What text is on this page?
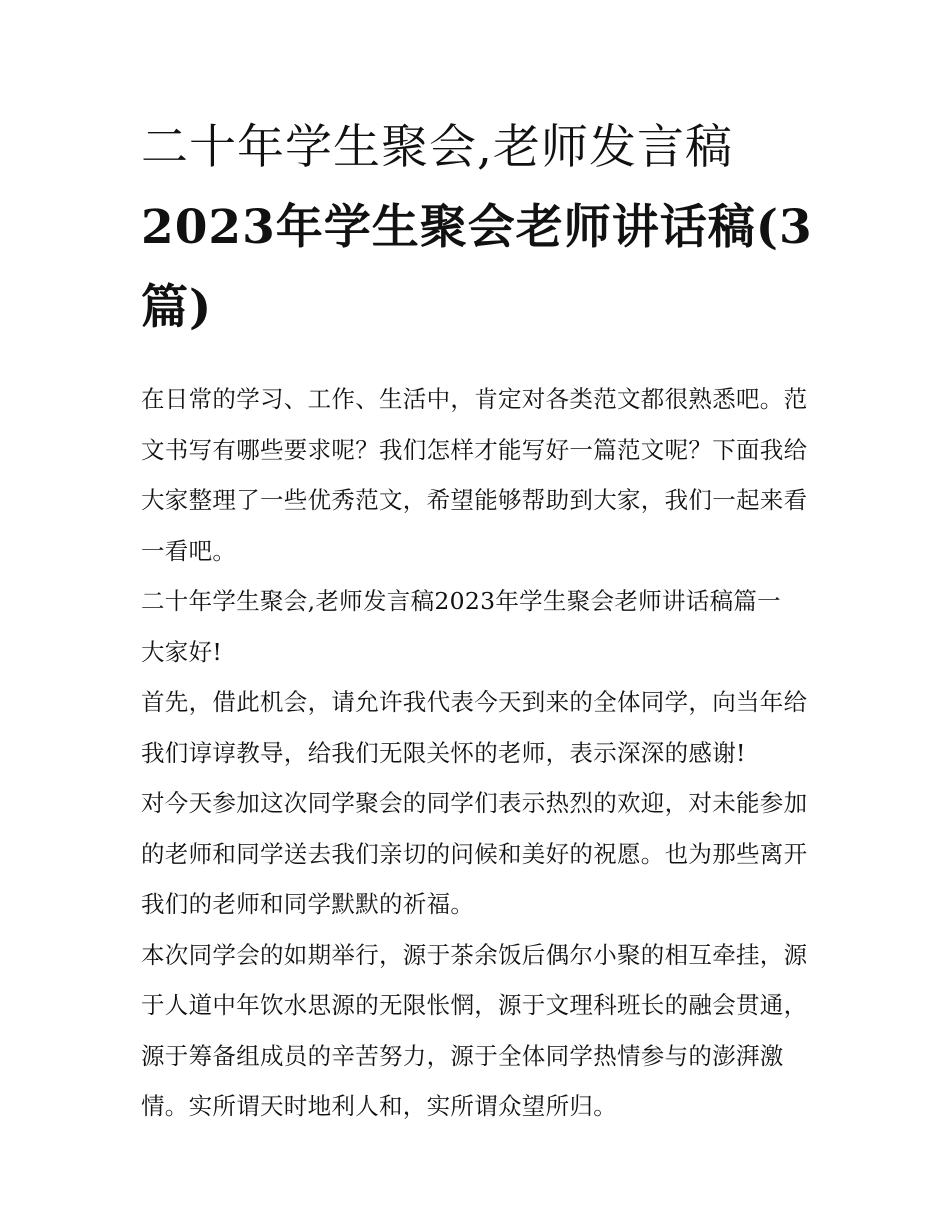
二十年学生聚会,老师发言稿
2023年学生聚会老师讲话稿(3篇)

在日常的学习、工作、生活中，肯定对各类范文都很熟悉吧。范文书写有哪些要求呢？我们怎样才能写好一篇范文呢？下面我给大家整理了一些优秀范文，希望能够帮助到大家，我们一起来看一看吧。

二十年学生聚会,老师发言稿2023年学生聚会老师讲话稿篇一

大家好!

首先，借此机会，请允许我代表今天到来的全体同学，向当年给我们谆谆教导，给我们无限关怀的老师，表示深深的感谢!

对今天参加这次同学聚会的同学们表示热烈的欢迎，对未能参加的老师和同学送去我们亲切的问候和美好的祝愿。也为那些离开我们的老师和同学默默的祈福。

本次同学会的如期举行，源于茶余饭后偶尔小聚的相互牵挂，源于人道中年饮水思源的无限怅惘，源于文理科班长的融会贯通，源于筹备组成员的辛苦努力，源于全体同学热情参与的澎湃激情。实所谓天时地利人和，实所谓众望所归。
